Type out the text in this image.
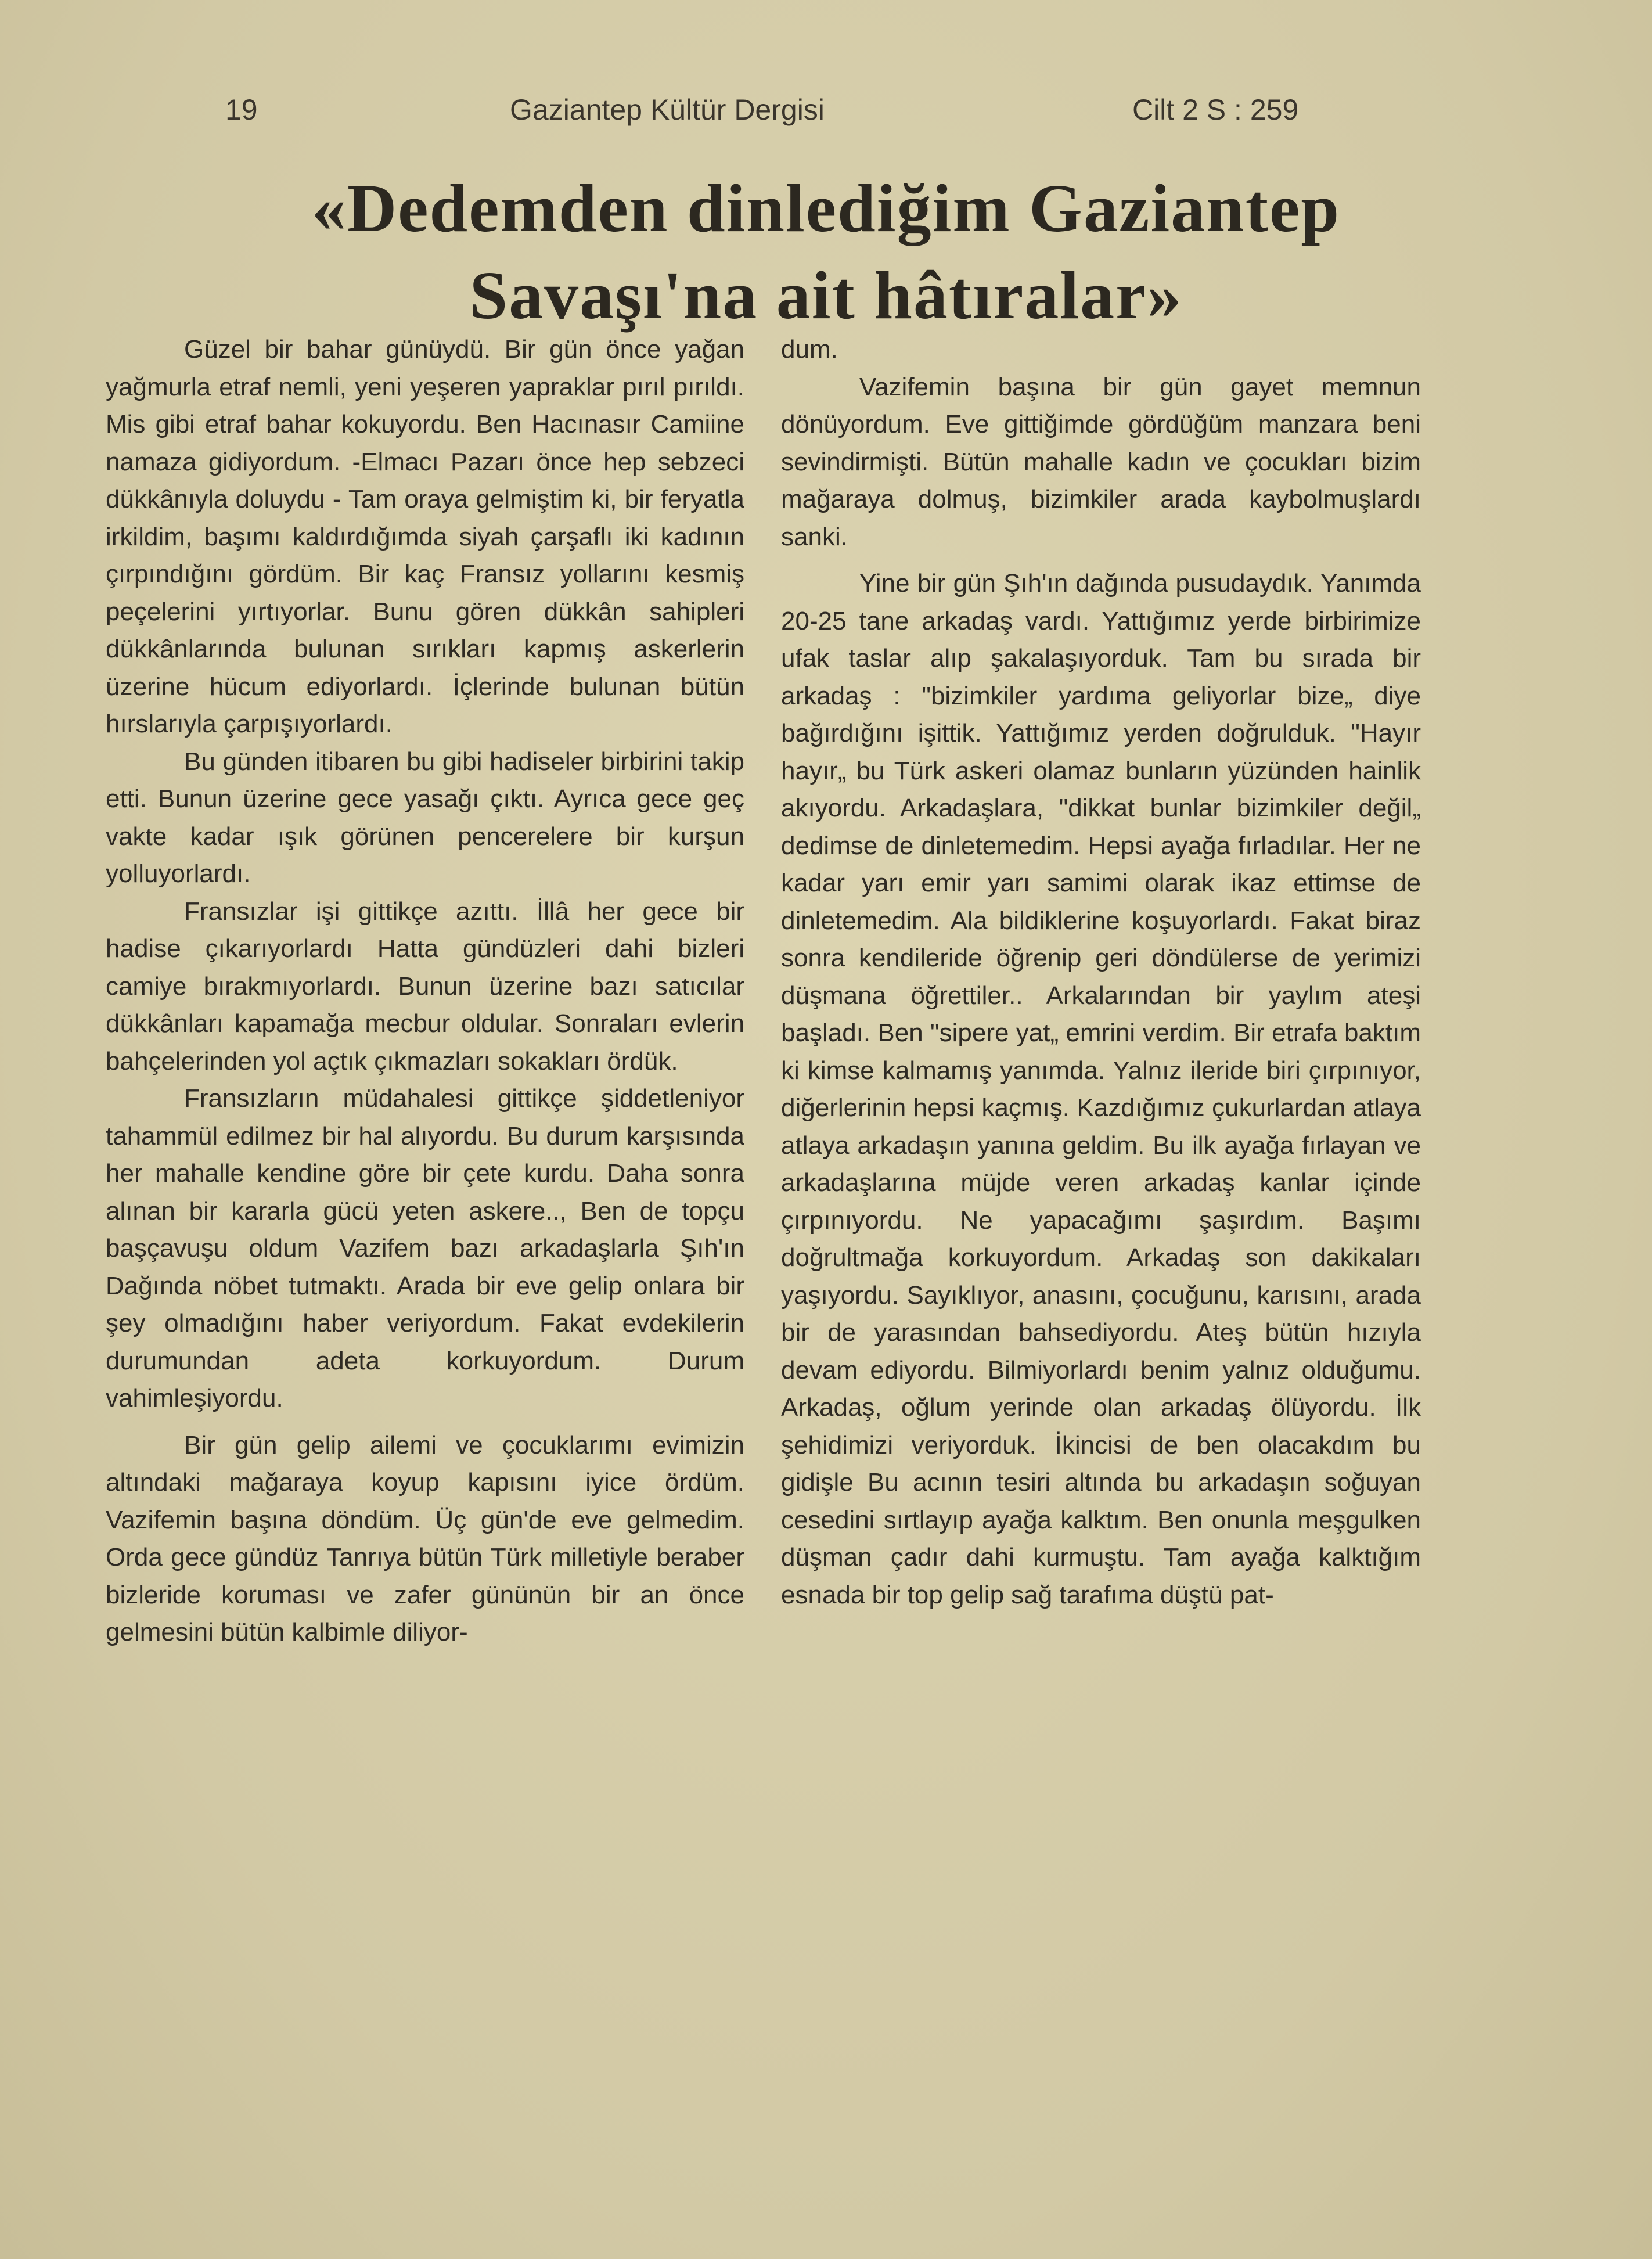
19	Gaziantep Kültür Dergisi	Cilt 2 S : 259
«Dedemden dinlediğim Gaziantep
Savaşı'na ait hâtıralar»

Güzel bir bahar günüydü. Bir gün önce yağan yağmurla etraf nemli, yeni yeşeren yapraklar pırıl pırıldı. Mis gibi etraf bahar kokuyordu. Ben Hacınasır Camiine namaza gidiyordum. -Elmacı Pazarı önce hep sebzeci dükkânıyla doluydu - Tam oraya gelmiştim ki, bir feryatla irkildim, başımı kaldırdığımda siyah çarşaflı iki kadının çırpındığını gördüm. Bir kaç Fransız yollarını kesmiş peçelerini yırtıyorlar. Bunu gören dükkân sahipleri dükkânlarında bulunan sırıkları kapmış askerlerin üzerine hücum ediyorlardı. İçlerinde bulunan bütün hırslarıyla çarpışıyorlardı.

Bu günden itibaren bu gibi hadiseler birbirini takip etti. Bunun üzerine gece yasağı çıktı. Ayrıca gece geç vakte kadar ışık görünen pencerelere bir kurşun yolluyorlardı.

Fransızlar işi gittikçe azıttı. İllâ her gece bir hadise çıkarıyorlardı Hatta gündüzleri dahi bizleri camiye bırakmıyorlardı. Bunun üzerine bazı satıcılar dükkânları kapamağa mecbur oldular. Sonraları evlerin bahçelerinden yol açtık çıkmazları sokakları ördük.

Fransızların müdahalesi gittikçe şiddetleniyor tahammül edilmez bir hal alıyordu. Bu durum karşısında her mahalle kendine göre bir çete kurdu. Daha sonra alınan bir kararla gücü yeten askere.., Ben de topçu başçavuşu oldum Vazifem bazı arkadaşlarla Şıh'ın Dağında nöbet tutmaktı. Arada bir eve gelip onlara bir şey olmadığını haber veriyordum. Fakat evdekilerin durumundan adeta korkuyordum. Durum vahimleşiyordu.

Bir gün gelip ailemi ve çocuklarımı evimizin altındaki mağaraya koyup kapısını iyice ördüm. Vazifemin başına döndüm. Üç gün'de eve gelmedim. Orda gece gündüz Tanrıya bütün Türk milletiyle beraber bizleride koruması ve zafer gününün bir an önce gelmesini bütün kalbimle diliyor-

dum.

Vazifemin başına bir gün gayet memnun dönüyordum. Eve gittiğimde gördüğüm manzara beni sevindirmişti. Bütün mahalle kadın ve çocukları bizim mağaraya dolmuş, bizimkiler arada kaybolmuşlardı sanki.

Yine bir gün Şıh'ın dağında pusudaydık. Yanımda 20-25 tane arkadaş vardı. Yattığımız yerde birbirimize ufak taslar alıp şakalaşıyorduk. Tam bu sırada bir arkadaş : "bizimkiler yardıma geliyorlar bize„ diye bağırdığını işittik. Yattığımız yerden doğrulduk. "Hayır hayır„ bu Türk askeri olamaz bunların yüzünden hainlik akıyordu. Arkadaşlara, "dikkat bunlar bizimkiler değil„ dedimse de dinletemedim. Hepsi ayağa fırladılar. Her ne kadar yarı emir yarı samimi olarak ikaz ettimse de dinletemedim. Ala bildiklerine koşuyorlardı. Fakat biraz sonra kendileride öğrenip geri döndülerse de yerimizi düşmana öğrettiler.. Arkalarından bir yaylım ateşi başladı. Ben "sipere yat„ emrini verdim. Bir etrafa baktım ki kimse kalmamış yanımda. Yalnız ileride biri çırpınıyor, diğerlerinin hepsi kaçmış. Kazdığımız çukurlardan atlaya atlaya arkadaşın yanına geldim. Bu ilk ayağa fırlayan ve arkadaşlarına müjde veren arkadaş kanlar içinde çırpınıyordu. Ne yapacağımı şaşırdım. Başımı doğrultmağa korkuyordum. Arkadaş son dakikaları yaşıyordu. Sayıklıyor, anasını, çocuğunu, karısını, arada bir de yarasından bahsediyordu. Ateş bütün hızıyla devam ediyordu. Bilmiyorlardı benim yalnız olduğumu. Arkadaş, oğlum yerinde olan arkadaş ölüyordu. İlk şehidimizi veriyorduk. İkincisi de ben olacakdım bu gidişle Bu acının tesiri altında bu arkadaşın soğuyan cesedini sırtlayıp ayağa kalktım. Ben onunla meşgulken düşman çadır dahi kurmuştu. Tam ayağa kalktığım esnada bir top gelip sağ tarafıma düştü pat-
